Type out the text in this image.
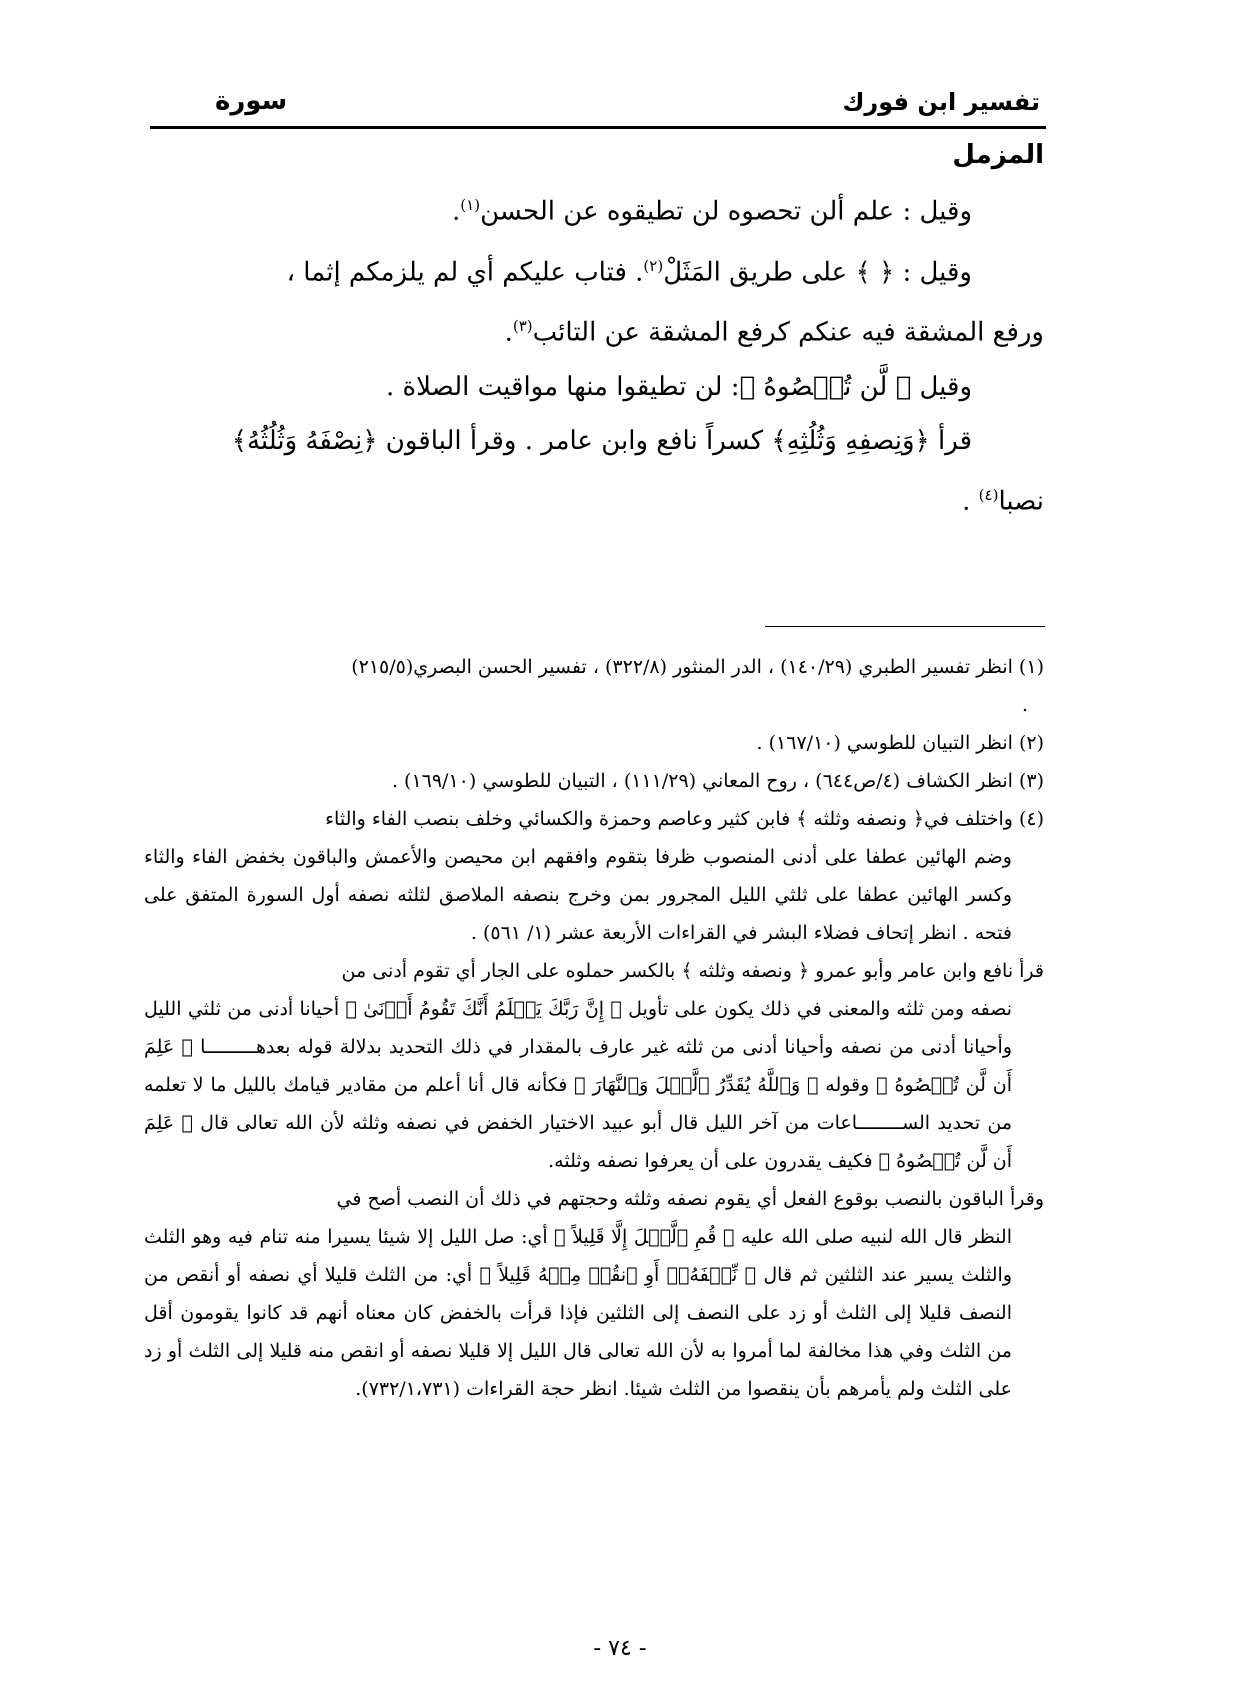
تفسير ابن فورك
سورة
المزمل

وقيل : علم ألن تحصوه لن تطيقوه عن الحسن$^{(١)}$.

وقيل : ﴿ ﴾ على طريق المَثَلْ$^{(٢)}$. فتاب عليكم أي لم يلزمكم إثما ،

ورفع المشقة فيه عنكم كرفع المشقة عن التائب$^{(٣)}$.

وقيل ﴿ لَّن تُحۡصُوهُ ﴾: لن تطيقوا منها مواقيت الصلاة .

قرأ ﴿وَنِصفِهِ وَثُلُثِهِ﴾ كسراً نافع وابن عامر . وقرأ الباقون ﴿نِصْفَهُ وَثُلُثُهُ﴾

نصبا$^{(٤)}$ .

(١) انظر تفسير الطبري (١٤٠/٢٩) ، الدر المنثور (٣٢٢/٨) ، تفسير الحسن البصري(٢١٥/٥)

.

(٢) انظر التبيان للطوسي (١٦٧/١٠) .

(٣) انظر الكشاف (٤/ص٦٤٤) ، روح المعاني (١١١/٢٩) ، التبيان للطوسي (١٦٩/١٠) .

(٤) واختلف في﴿ ونصفه وثلثه ﴾ فابن كثير وعاصم وحمزة والكسائي وخلف بنصب الفاء والثاء

وضم الهائين عطفا على أدنى المنصوب ظرفا بتقوم وافقهم ابن محيصن والأعمش والباقون بخفض الفاء والثاء وكسر الهائين عطفا على ثلثي الليل المجرور بمن وخرج بنصفه الملاصق لثلثه نصفه أول السورة المتفق على فتحه . انظر إتحاف فضلاء البشر في القراءات الأربعة عشر (١/ ٥٦١) .

قرأ نافع وابن عامر وأبو عمرو ﴿ ونصفه وثلثه ﴾ بالكسر حملوه على الجار أي تقوم أدنى من

نصفه ومن ثلثه والمعنى في ذلك يكون على تأويل ﴿ إِنَّ رَبَّكَ يَعۡلَمُ أَنَّكَ تَقُومُ أَدۡنَىٰ ﴾ أحيانا أدنى من ثلثي الليل وأحيانا أدنى من نصفه وأحيانا أدنى من ثلثه غير عارف بالمقدار في ذلك التحديد بدلالة قوله بعدهـــــــــا ﴿ عَلِمَ أَن لَّن تُحۡصُوهُ ﴾ وقوله ﴿ وَٱللَّهُ يُقَدِّرُ ٱلَّيۡلَ وَٱلنَّهَارَ ﴾ فكأنه قال أنا أعلم من مقادير قيامك بالليل ما لا تعلمه من تحديد الســــــــاعات من آخر الليل قال أبو عبيد الاختيار الخفض في نصفه وثلثه لأن الله تعالى قال ﴿ عَلِمَ أَن لَّن تُحۡصُوهُ ﴾ فكيف يقدرون على أن يعرفوا نصفه وثلثه.

وقرأ الباقون بالنصب بوقوع الفعل أي يقوم نصفه وثلثه وحجتهم في ذلك أن النصب أصح في

النظر قال الله لنبيه صلى الله عليه ﴿ قُمِ ٱلَّيۡلَ إِلَّا قَلِيلاً ﴾ أي: صل الليل إلا شيئا يسيرا منه تنام فيه وهو الثلث والثلث يسير عند الثلثين ثم قال ﴿ نِّصۡفَهُۥٓ أَوِ ٱنقُصۡ مِنۡهُ قَلِيلاً ﴾ أي: من الثلث قليلا أي نصفه أو أنقص من النصف قليلا إلى الثلث أو زد على النصف إلى الثلثين فإذا قرأت بالخفض كان معناه أنهم قد كانوا يقومون أقل من الثلث وفي هذا مخالفة لما أمروا به لأن الله تعالى قال الليل إلا قليلا نصفه أو انقص منه قليلا إلى الثلث أو زد على الثلث ولم يأمرهم بأن ينقصوا من الثلث شيئا. انظر حجة القراءات (٧٣٢/١،٧٣١).

- ٧٤ -
